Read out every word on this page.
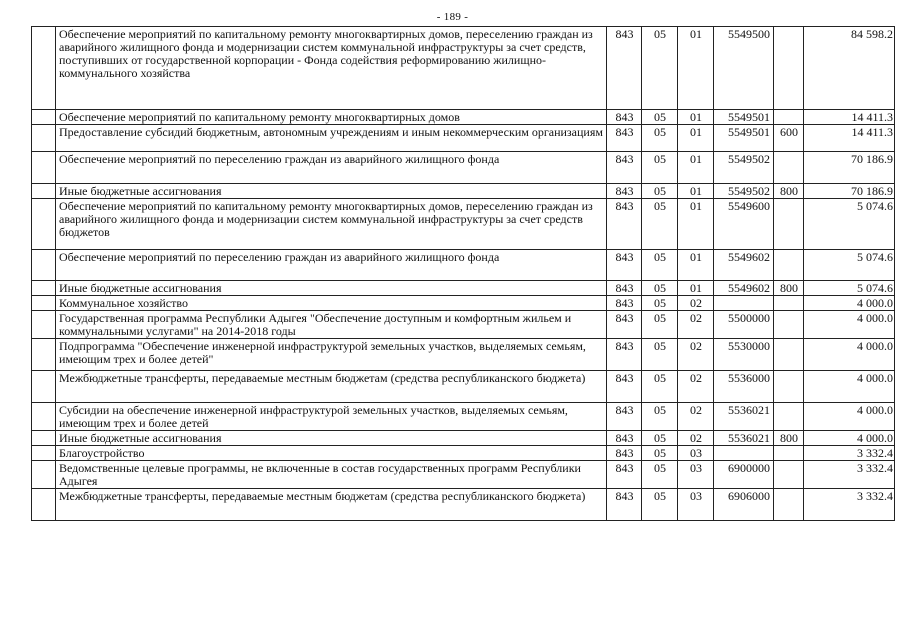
- 189 -
	Обеспечение мероприятий по капитальному ремонту многоквартирных домов, переселению граждан из аварийного жилищного фонда и модернизации систем коммунальной инфраструктуры за счет средств, поступивших от государственной корпорации - Фонда содействия реформированию жилищно-коммунального хозяйства	843	05	01	5549500		84 598.2
	Обеспечение мероприятий по капитальному ремонту многоквартирных домов	843	05	01	5549501		14 411.3
	Предоставление субсидий бюджетным, автономным учреждениям и иным некоммерческим организациям	843	05	01	5549501	600	14 411.3
	Обеспечение мероприятий по переселению граждан из аварийного жилищного фонда	843	05	01	5549502		70 186.9
	Иные бюджетные ассигнования	843	05	01	5549502	800	70 186.9
	Обеспечение мероприятий по капитальному ремонту многоквартирных домов, переселению граждан из аварийного жилищного фонда и модернизации систем коммунальной инфраструктуры за счет средств бюджетов	843	05	01	5549600		5 074.6
	Обеспечение мероприятий по переселению граждан из аварийного жилищного фонда	843	05	01	5549602		5 074.6
	Иные бюджетные ассигнования	843	05	01	5549602	800	5 074.6
	Коммунальное хозяйство	843	05	02			4 000.0
	Государственная программа Республики Адыгея "Обеспечение доступным и комфортным жильем и коммунальными услугами" на 2014-2018 годы	843	05	02	5500000		4 000.0
	Подпрограмма "Обеспечение инженерной инфраструктурой земельных участков, выделяемых семьям, имеющим трех и более детей"	843	05	02	5530000		4 000.0
	Межбюджетные трансферты, передаваемые местным бюджетам (средства республиканского бюджета)	843	05	02	5536000		4 000.0
	Субсидии на обеспечение инженерной инфраструктурой земельных участков, выделяемых семьям, имеющим трех и более детей	843	05	02	5536021		4 000.0
	Иные бюджетные ассигнования	843	05	02	5536021	800	4 000.0
	Благоустройство	843	05	03			3 332.4
	Ведомственные целевые программы, не включенные в состав государственных программ Республики Адыгея	843	05	03	6900000		3 332.4
	Межбюджетные трансферты, передаваемые местным бюджетам (средства республиканского бюджета)	843	05	03	6906000		3 332.4
